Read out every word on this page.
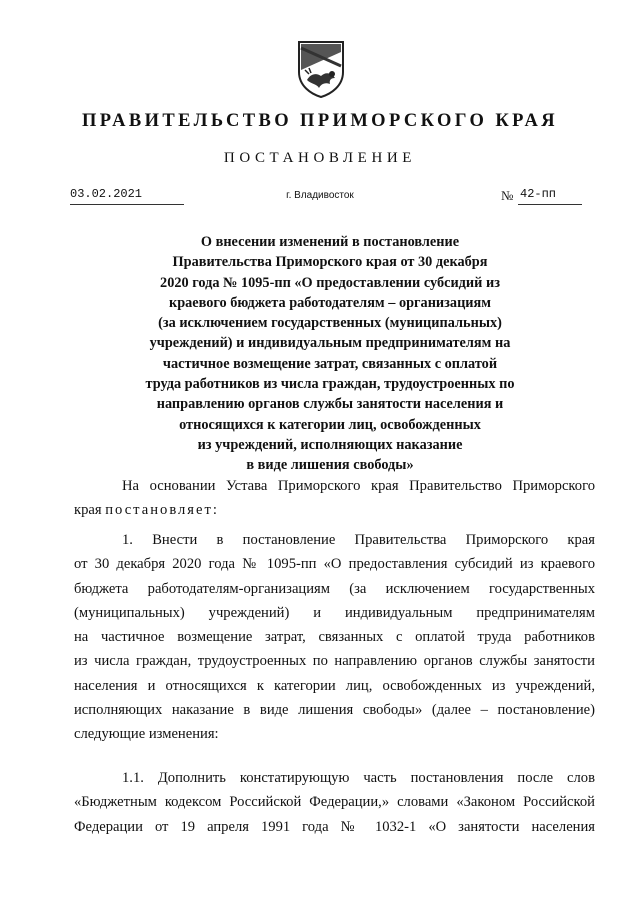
ПРАВИТЕЛЬСТВО ПРИМОРСКОГО КРАЯ
ПОСТАНОВЛЕНИЕ
03.02.2021	г. Владивосток	№ 42-пп
О внесении изменений в постановление
Правительства Приморского края от 30 декабря
2020 года № 1095-пп «О предоставлении субсидий из
краевого бюджета работодателям – организациям
(за исключением государственных (муниципальных)
учреждений) и индивидуальным предпринимателям на
частичное возмещение затрат, связанных с оплатой
труда работников из числа граждан, трудоустроенных по
направлению органов службы занятости населения и
относящихся к категории лиц, освобожденных
из учреждений, исполняющих наказание
в виде лишения свободы»
На основании Устава Приморского края Правительство Приморского
края постановляет:
1. Внести в постановление Правительства Приморского края
от 30 декабря 2020 года № 1095-пп «О предоставления субсидий из краевого
бюджета работодателям-организациям (за исключением государственных
(муниципальных) учреждений) и индивидуальным предпринимателям
на частичное возмещение затрат, связанных с оплатой труда работников
из числа граждан, трудоустроенных по направлению органов службы занятости
населения и относящихся к категории лиц, освобожденных из учреждений,
исполняющих наказание в виде лишения свободы» (далее – постановление)
следующие изменения:
1.1. Дополнить констатирующую часть постановления после слов
«Бюджетным кодексом Российской Федерации,» словами «Законом Российской
Федерации от 19 апреля 1991 года № 1032-1 «О занятости населения
